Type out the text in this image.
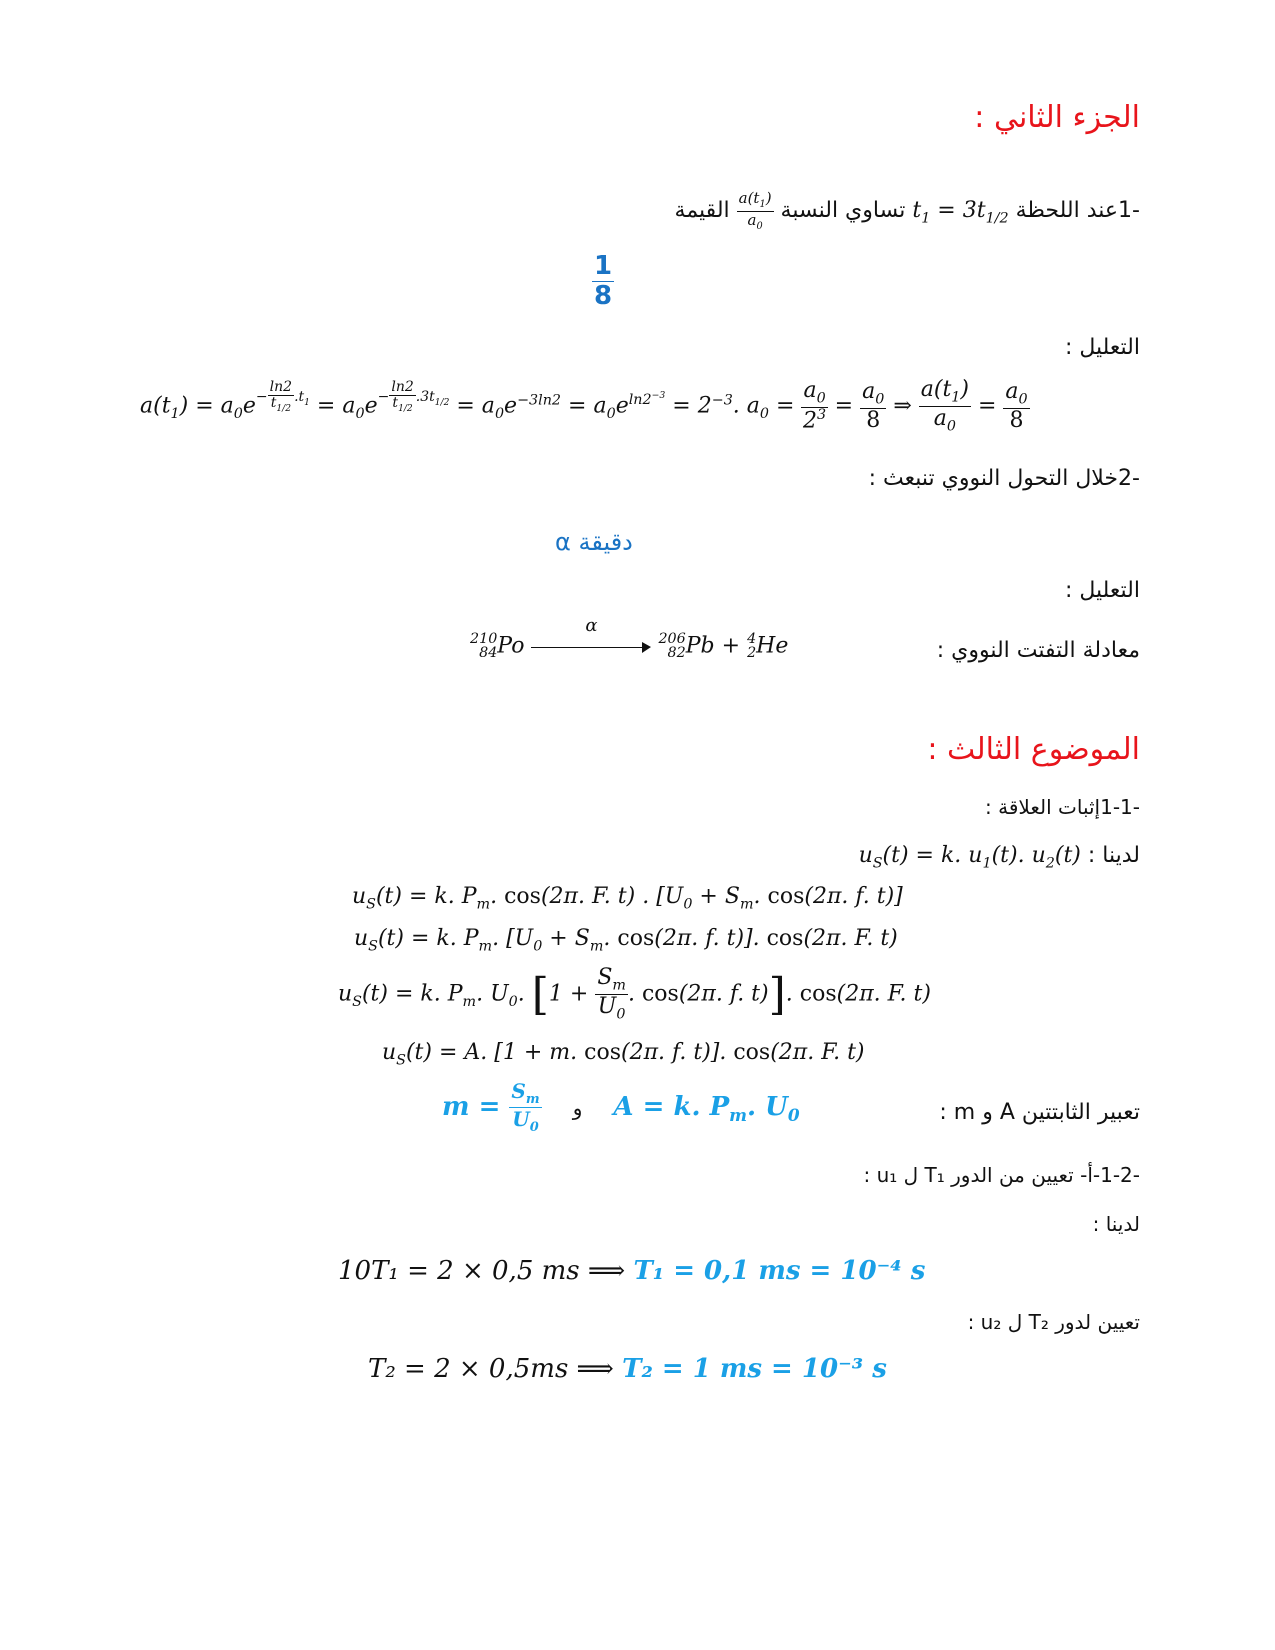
الجزء الثاني :
-1عند اللحظة $t_1 = 3t_{1/2}$ تساوي النسبة
$\frac{a(t_1)}{a_0}$
القيمة
$\frac{1}{8}$
التعليل :
$a(t_1) = a_0e^{- \frac{\ln 2}{t_{1/2}} .t_1} = a_0e^{- \frac{\ln 2}{t_{1/2}} .3t_{1/2}} = a_0e^{-3ln2} = a_0e^{ln2^{-3}} = 2^{-3}$. $a_0 = \frac{a_0}{2^3} = \frac{a_0}{8}$ ⇒ $\frac{a(t_1)}{a_0} = \frac{a_0}{8}$
-2خلال التحول النووي تنبعث :
دقيقة α
التعليل :
معادلة التفتت النووي :
210
84 Po
α

206
82 Pb + 4
2 He
الموضوع الثالث :
-1-1إثبات العلاقة :
لدينا : $u_S(t) = k$. $u_1(t)$. $u_2(t)$
$u_S(t) = k$. $P_m$. cos(2π. F. t) . [$U_0 + S_m$. cos(2π. f. t)]
$u_S(t) = k$. $P_m$. [$U_0 + S_m$. cos(2π. f. t)]. cos(2π. F. t)
$u_S(t) = k$. $P_m$. $U_0$. [$1 + \frac{S_m}{U_0}$ . cos(2π. f. t)]. cos(2π. F. t)
$u_S(t) = A$. [1 + m. cos(2π. f. t)]. cos(2π. F. t)
تعبير الثابتتين A و m :
$m = \frac{S_m}{U_0}$ و A = k. $P_m$. $U_0$
-1-2-أ- تعيين من الدور T₁ ل u₁ :
لدينا :
10T₁ = 2 × 0,5 ms ⟹ T₁ = 0,1 ms = 10⁻⁴ s
تعيين لدور T₂ ل u₂ :
T₂ = 2 × 0,5ms ⟹ T₂ = 1 ms = 10⁻³ s
